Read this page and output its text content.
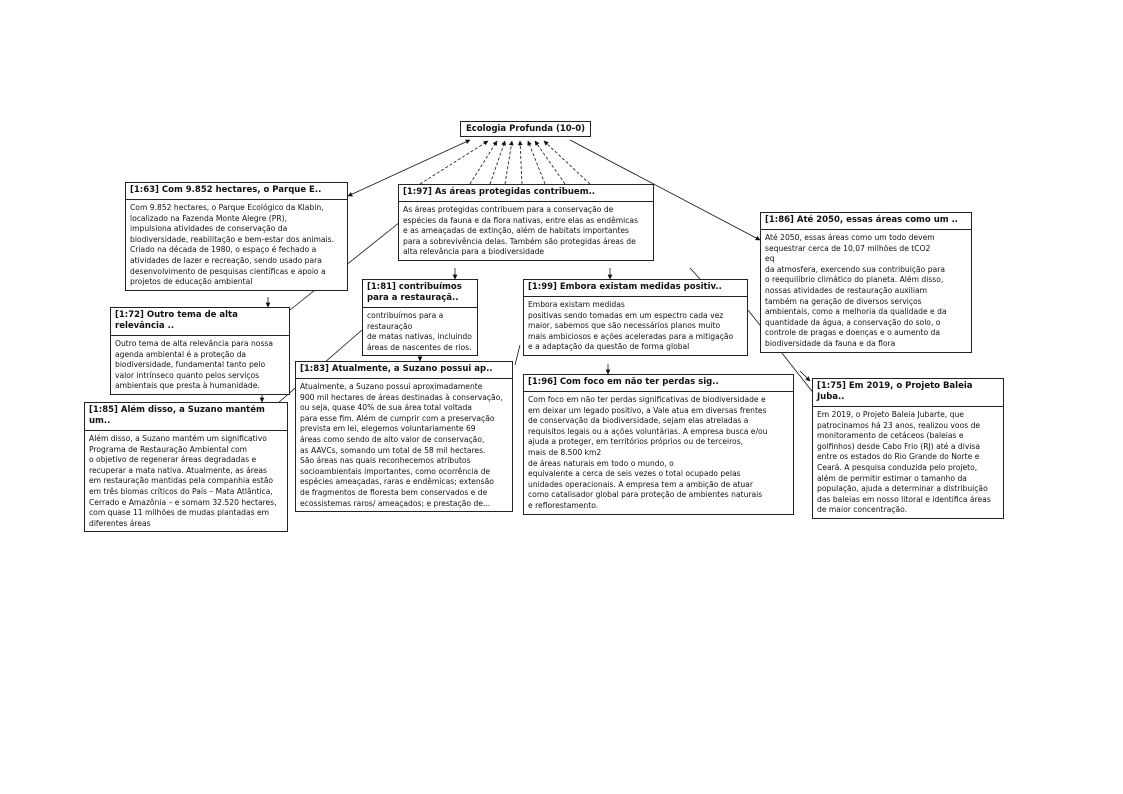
Ecologia Profunda (10-0)
[1:63] Com 9.852 hectares, o Parque E..
Com 9.852 hectares, o Parque Ecológico da Klabin,
localizado na Fazenda Monte Alegre (PR),
impulsiona atividades de conservação da
biodiversidade, reabilitação e bem-estar dos animais.
Criado na década de 1980, o espaço é fechado a
atividades de lazer e recreação, sendo usado para
desenvolvimento de pesquisas científicas e apoio a
projetos de educação ambiental
[1:97] As áreas protegidas contribuem..
As áreas protegidas contribuem para a conservação de
espécies da fauna e da flora nativas, entre elas as endêmicas
e as ameaçadas de extinção, além de habitats importantes
para a sobrevivência delas. Também são protegidas áreas de
alta relevância para a biodiversidade
[1:86] Até 2050, essas áreas como um ..
Até 2050, essas áreas como um todo devem
sequestrar cerca de 10,07 milhões de tCO2
eq
da atmosfera, exercendo sua contribuição para
o reequilíbrio climático do planeta. Além disso,
nossas atividades de restauração auxiliam
também na geração de diversos serviços
ambientais, como a melhoria da qualidade e da
quantidade da água, a conservação do solo, o
controle de pragas e doenças e o aumento da
biodiversidade da fauna e da flora
[1:72] Outro tema de alta relevância ..
Outro tema de alta relevância para nossa
agenda ambiental é a proteção da
biodiversidade, fundamental tanto pelo
valor intrínseco quanto pelos serviços
ambientais que presta à humanidade.
[1:81] contribuímos para a restauraçã..
contribuímos para a restauração
de matas nativas, incluindo
áreas de nascentes de rios.
[1:99] Embora existam medidas positiv..
Embora existam medidas
positivas sendo tomadas em um espectro cada vez
maior, sabemos que são necessários planos muito
mais ambiciosos e ações aceleradas para a mitigação
e a adaptação da questão de forma global
[1:83] Atualmente, a Suzano possui ap..
Atualmente, a Suzano possui aproximadamente
900 mil hectares de áreas destinadas à conservação,
ou seja, quase 40% de sua área total voltada
para esse fim. Além de cumprir com a preservação
prevista em lei, elegemos voluntariamente 69
áreas como sendo de alto valor de conservação,
as AAVCs, somando um total de 58 mil hectares.
São áreas nas quais reconhecemos atributos
socioambientais importantes, como ocorrência de
espécies ameaçadas, raras e endêmicas; extensão
de fragmentos de floresta bem conservados e de
ecossistemas raros/ ameaçados; e prestação de...
[1:85] Além disso, a Suzano mantém um..
Além disso, a Suzano mantém um significativo
Programa de Restauração Ambiental com
o objetivo de regenerar áreas degradadas e
recuperar a mata nativa. Atualmente, as áreas
em restauração mantidas pela companhia estão
em três biomas críticos do País – Mata Atlântica,
Cerrado e Amazônia – e somam 32.520 hectares,
com quase 11 milhões de mudas plantadas em
diferentes áreas
[1:96] Com foco em não ter perdas sig..
Com foco em não ter perdas significativas de biodiversidade e
em deixar um legado positivo, a Vale atua em diversas frentes
de conservação da biodiversidade, sejam elas atreladas a
requisitos legais ou a ações voluntárias. A empresa busca e/ou
ajuda a proteger, em territórios próprios ou de terceiros,
mais de 8.500 km2
de áreas naturais em todo o mundo, o
equivalente a cerca de seis vezes o total ocupado pelas
unidades operacionais. A empresa tem a ambição de atuar
como catalisador global para proteção de ambientes naturais
e reflorestamento.
[1:75] Em 2019, o Projeto Baleia Juba..
Em 2019, o Projeto Baleia Jubarte, que
patrocinamos há 23 anos, realizou voos de
monitoramento de cetáceos (baleias e
golfinhos) desde Cabo Frio (RJ) até a divisa
entre os estados do Rio Grande do Norte e
Ceará. A pesquisa conduzida pelo projeto,
além de permitir estimar o tamanho da
população, ajuda a determinar a distribuição
das baleias em nosso litoral e identifica áreas
de maior concentração.
